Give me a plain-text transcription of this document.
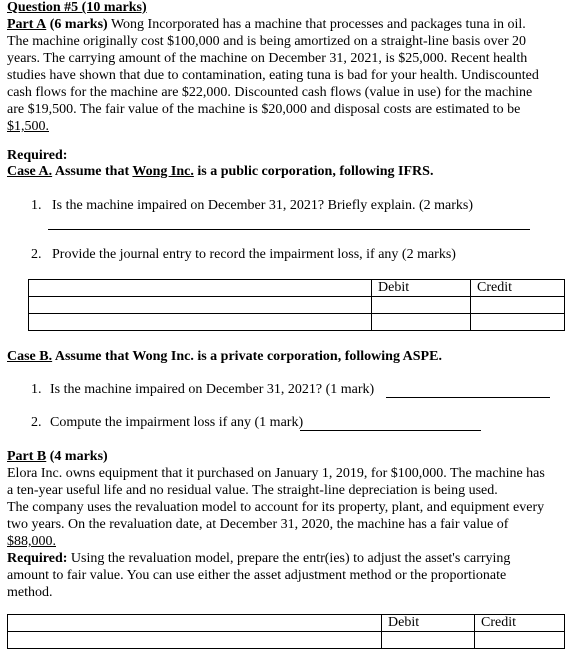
Question #5 (10 marks)
Part A (6 marks) Wong Incorporated has a machine that processes and packages tuna in oil.
The machine originally cost $100,000 and is being amortized on a straight-line basis over 20
years. The carrying amount of the machine on December 31, 2021, is $25,000. Recent health
studies have shown that due to contamination, eating tuna is bad for your health. Undiscounted
cash flows for the machine are $22,000. Discounted cash flows (value in use) for the machine
are $19,500. The fair value of the machine is $20,000 and disposal costs are estimated to be
$1,500.
Required:
Case A. Assume that Wong Inc. is a public corporation, following IFRS.
1. Is the machine impaired on December 31, 2021? Briefly explain. (2 marks)
2. Provide the journal entry to record the impairment loss, if any (2 marks)
	Debit	Credit

Case B. Assume that Wong Inc. is a private corporation, following ASPE.
1. Is the machine impaired on December 31, 2021? (1 mark)
2. Compute the impairment loss if any (1 mark)
Part B (4 marks)
Elora Inc. owns equipment that it purchased on January 1, 2019, for $100,000. The machine has
a ten-year useful life and no residual value. The straight-line depreciation is being used.
The company uses the revaluation model to account for its property, plant, and equipment every
two years. On the revaluation date, at December 31, 2020, the machine has a fair value of
$88,000.
Required: Using the revaluation model, prepare the entr(ies) to adjust the asset's carrying
amount to fair value. You can use either the asset adjustment method or the proportionate
method.
	Debit	Credit
